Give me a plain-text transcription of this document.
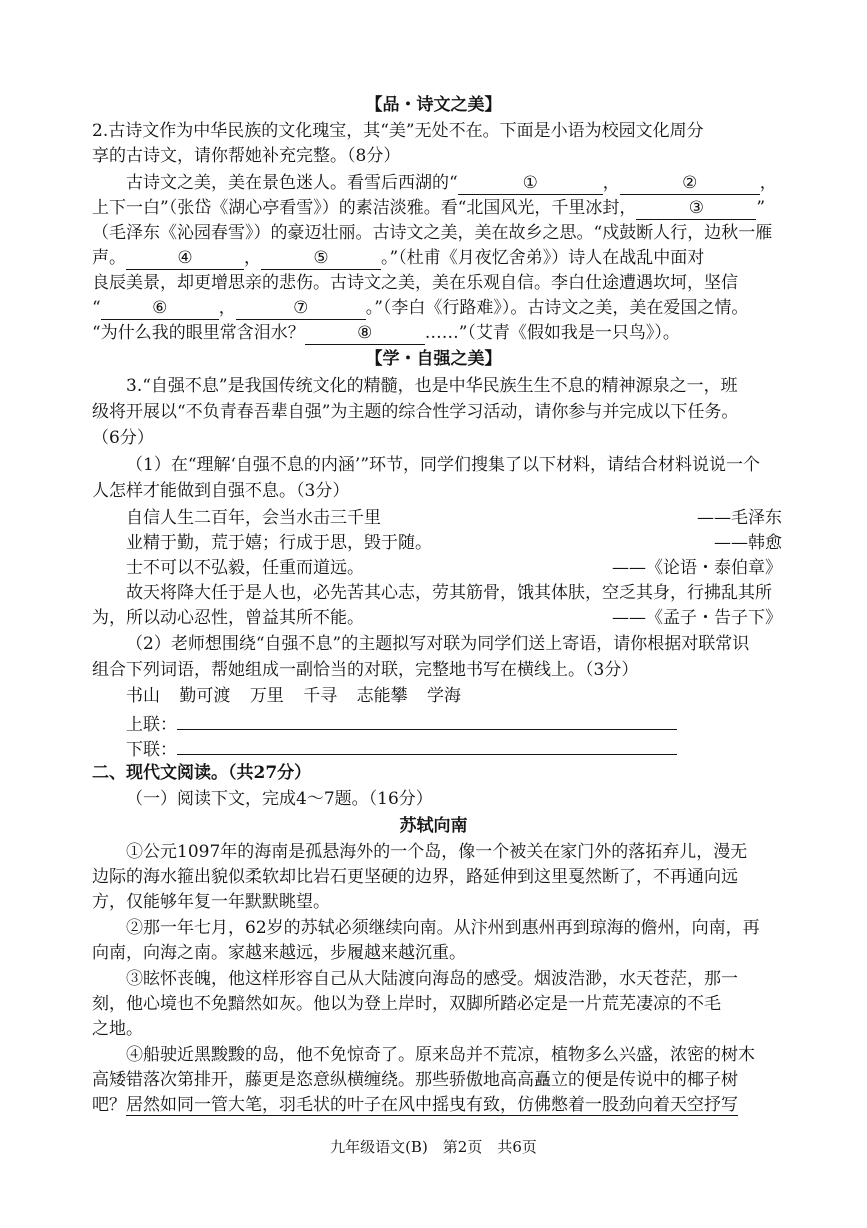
【品・诗文之美】
2.古诗文作为中华民族的文化瑰宝，其“美”无处不在。下面是小语为校园文化周分
享的古诗文，请你帮她补充完整。（8分）
古诗文之美，美在景色迷人。看雪后西湖的“	①	，	②	，
上下一白”（张岱《湖心亭看雪》）的素洁淡雅。看“北国风光，千里冰封，	③	”
（毛泽东《沁园春雪》）的豪迈壮丽。古诗文之美，美在故乡之思。“戍鼓断人行，边秋一雁
声。	④	，	⑤	。”（杜甫《月夜忆舍弟》）诗人在战乱中面对
良辰美景，却更增思亲的悲伤。古诗文之美，美在乐观自信。李白仕途遭遇坎坷，坚信
“	⑥	，	⑦	。”（李白《行路难》）。古诗文之美，美在爱国之情。
“为什么我的眼里常含泪水？	⑧	……”（艾青《假如我是一只鸟》）。
【学・自强之美】
3.“自强不息”是我国传统文化的精髓，也是中华民族生生不息的精神源泉之一，班
级将开展以“不负青春吾辈自强”为主题的综合性学习活动，请你参与并完成以下任务。
（6分）
（1）在“理解‘自强不息的内涵’”环节，同学们搜集了以下材料，请结合材料说说一个
人怎样才能做到自强不息。（3分）
自信人生二百年，会当水击三千里	——毛泽东
业精于勤，荒于嬉；行成于思，毁于随。	——韩愈
士不可以不弘毅，任重而道远。	——《论语・泰伯章》
故天将降大任于是人也，必先苦其心志，劳其筋骨，饿其体肤，空乏其身，行拂乱其所
为，所以动心忍性，曾益其所不能。	——《孟子・告子下》
（2）老师想围绕“自强不息”的主题拟写对联为同学们送上寄语，请你根据对联常识
组合下列词语，帮她组成一副恰当的对联，完整地书写在横线上。（3分）
书山 勤可渡 万里 千寻 志能攀 学海
上联：
下联：
二、现代文阅读。（共27分）
（一）阅读下文，完成4～7题。（16分）
苏轼向南
①公元1097年的海南是孤悬海外的一个岛，像一个被关在家门外的落拓弃儿，漫无
边际的海水箍出貌似柔软却比岩石更坚硬的边界，路延伸到这里戛然断了，不再通向远
方，仅能够年复一年默默眺望。
②那一年七月，62岁的苏轼必须继续向南。从汴州到惠州再到琼海的儋州，向南，再
向南，向海之南。家越来越远，步履越来越沉重。
③眩怀丧魄，他这样形容自己从大陆渡向海岛的感受。烟波浩渺，水天苍茫，那一
刻，他心境也不免黯然如灰。他以为登上岸时，双脚所踏必定是一片荒芜凄凉的不毛
之地。
④船驶近黑黢黢的岛，他不免惊奇了。原来岛并不荒凉，植物多么兴盛，浓密的树木
高矮错落次第排开，藤更是恣意纵横缠绕。那些骄傲地高高矗立的便是传说中的椰子树
吧？居然如同一管大笔，羽毛状的叶子在风中摇曳有致，仿佛憋着一股劲向着天空抒写
九年级语文(B)　第2页　共6页
